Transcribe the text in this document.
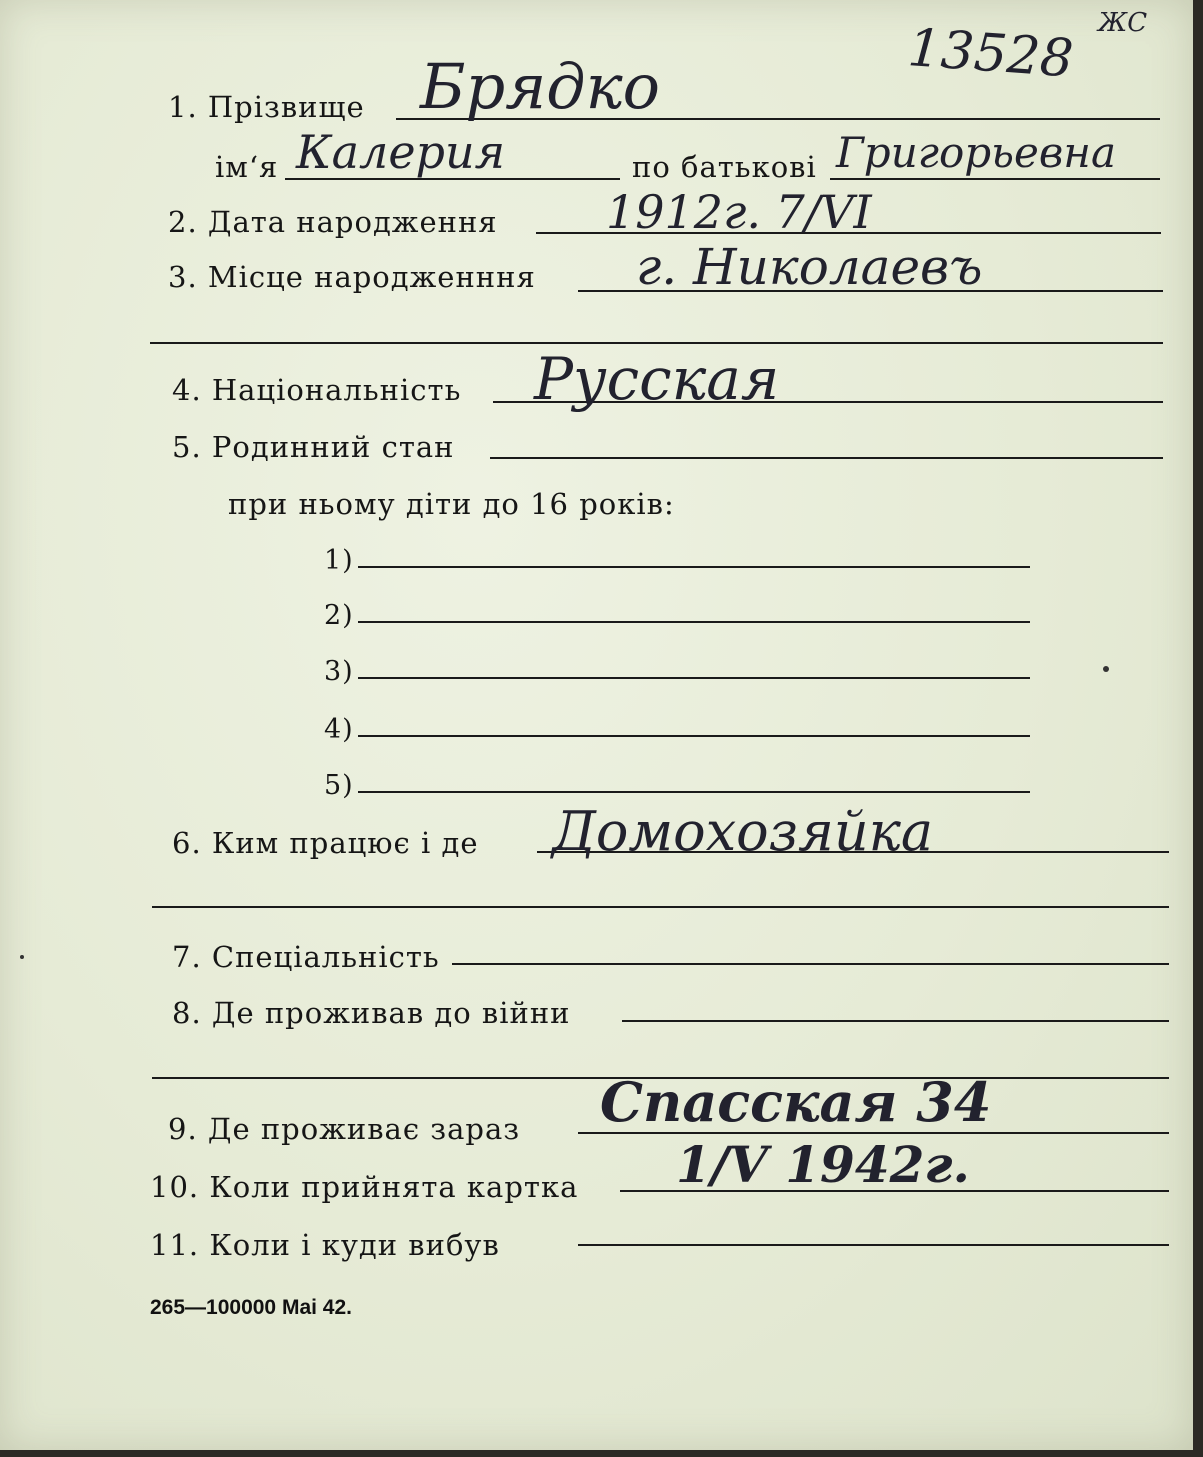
13528 ЖС
1. Прізвище Брядко
ім‘я Калерия	по батькові Григорьевна
2. Дата народження 1912г. 7/VI
3. Місце народженння г. Николаевъ
4. Національність Русская
5. Родинний стан
при ньому діти до 16 років:
1)
2)
3)
4)
5)
6. Ким працює і де Домохозяйка
7. Спеціальність
8. Де проживав до війни
9. Де проживає зараз Спасская 34
10. Коли прийнята картка 1/V 1942г.
11. Коли і куди вибув
265—100000 Mai 42.
